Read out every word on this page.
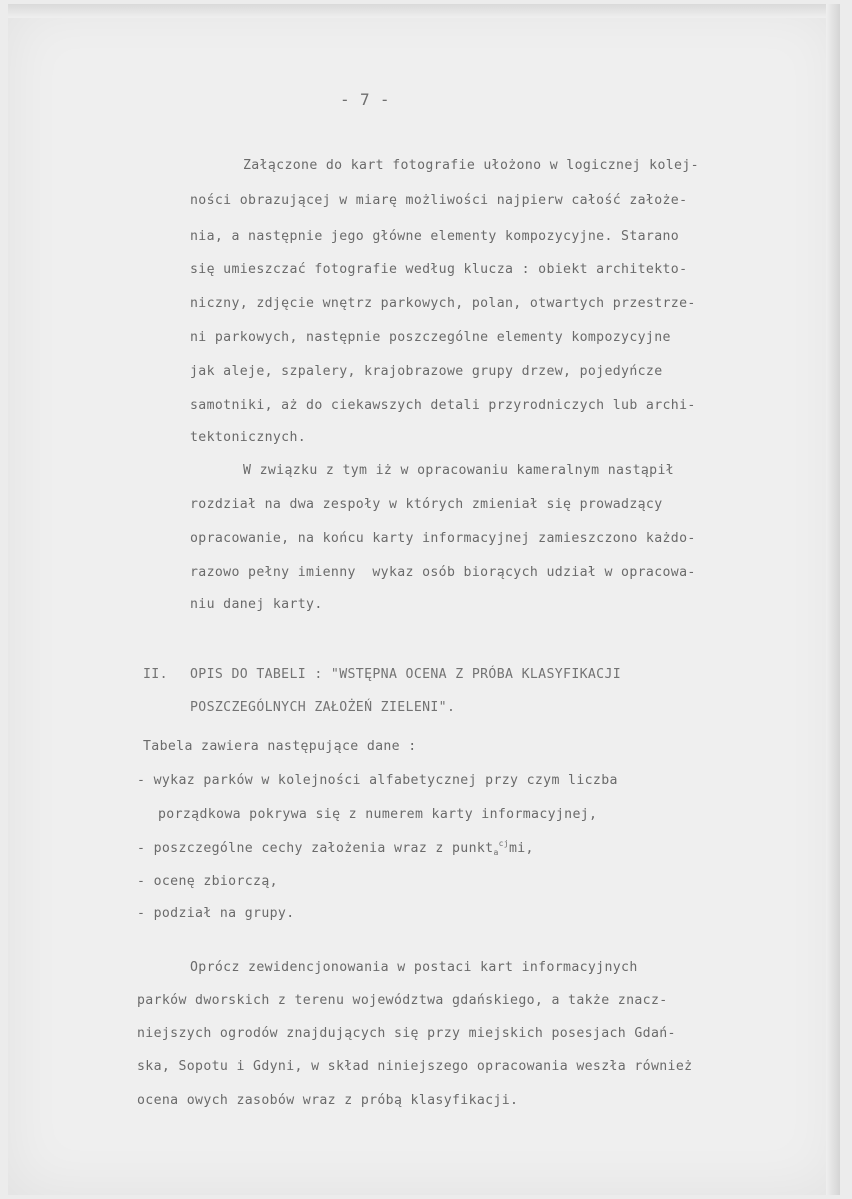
- 7 -
Załączone do kart fotografie ułożono w logicznej kolej-
ności obrazującej w miarę możliwości najpierw całość założe-
nia, a następnie jego główne elementy kompozycyjne. Starano
się umieszczać fotografie według klucza : obiekt architekto-
niczny, zdjęcie wnętrz parkowych, polan, otwartych przestrze-
ni parkowych, następnie poszczególne elementy kompozycyjne
jak aleje, szpalery, krajobrazowe grupy drzew, pojedyńcze
samotniki, aż do ciekawszych detali przyrodniczych lub archi-
tektonicznych.
W związku z tym iż w opracowaniu kameralnym nastąpił
rozdział na dwa zespoły w których zmieniał się prowadzący
opracowanie, na końcu karty informacyjnej zamieszczono każdo-
razowo pełny imienny  wykaz osób biorących udział w opracowa-
niu danej karty.
II. OPIS DO TABELI : "WSTĘPNA OCENA Z PRÓBA KLASYFIKACJI
POSZCZEGÓLNYCH ZAŁOŻEŃ ZIELENI".
Tabela zawiera następujące dane :
- wykaz parków w kolejności alfabetycznej przy czym liczba
porządkowa pokrywa się z numerem karty informacyjnej,
- poszczególne cechy założenia wraz z punkt$_a^{cj}$mi,
- ocenę zbiorczą,
- podział na grupy.
Oprócz zewidencjonowania w postaci kart informacyjnych
parków dworskich z terenu województwa gdańskiego, a także znacz-
niejszych ogrodów znajdujących się przy miejskich posesjach Gdań-
ska, Sopotu i Gdyni, w skład niniejszego opracowania weszła również
ocena owych zasobów wraz z próbą klasyfikacji.
